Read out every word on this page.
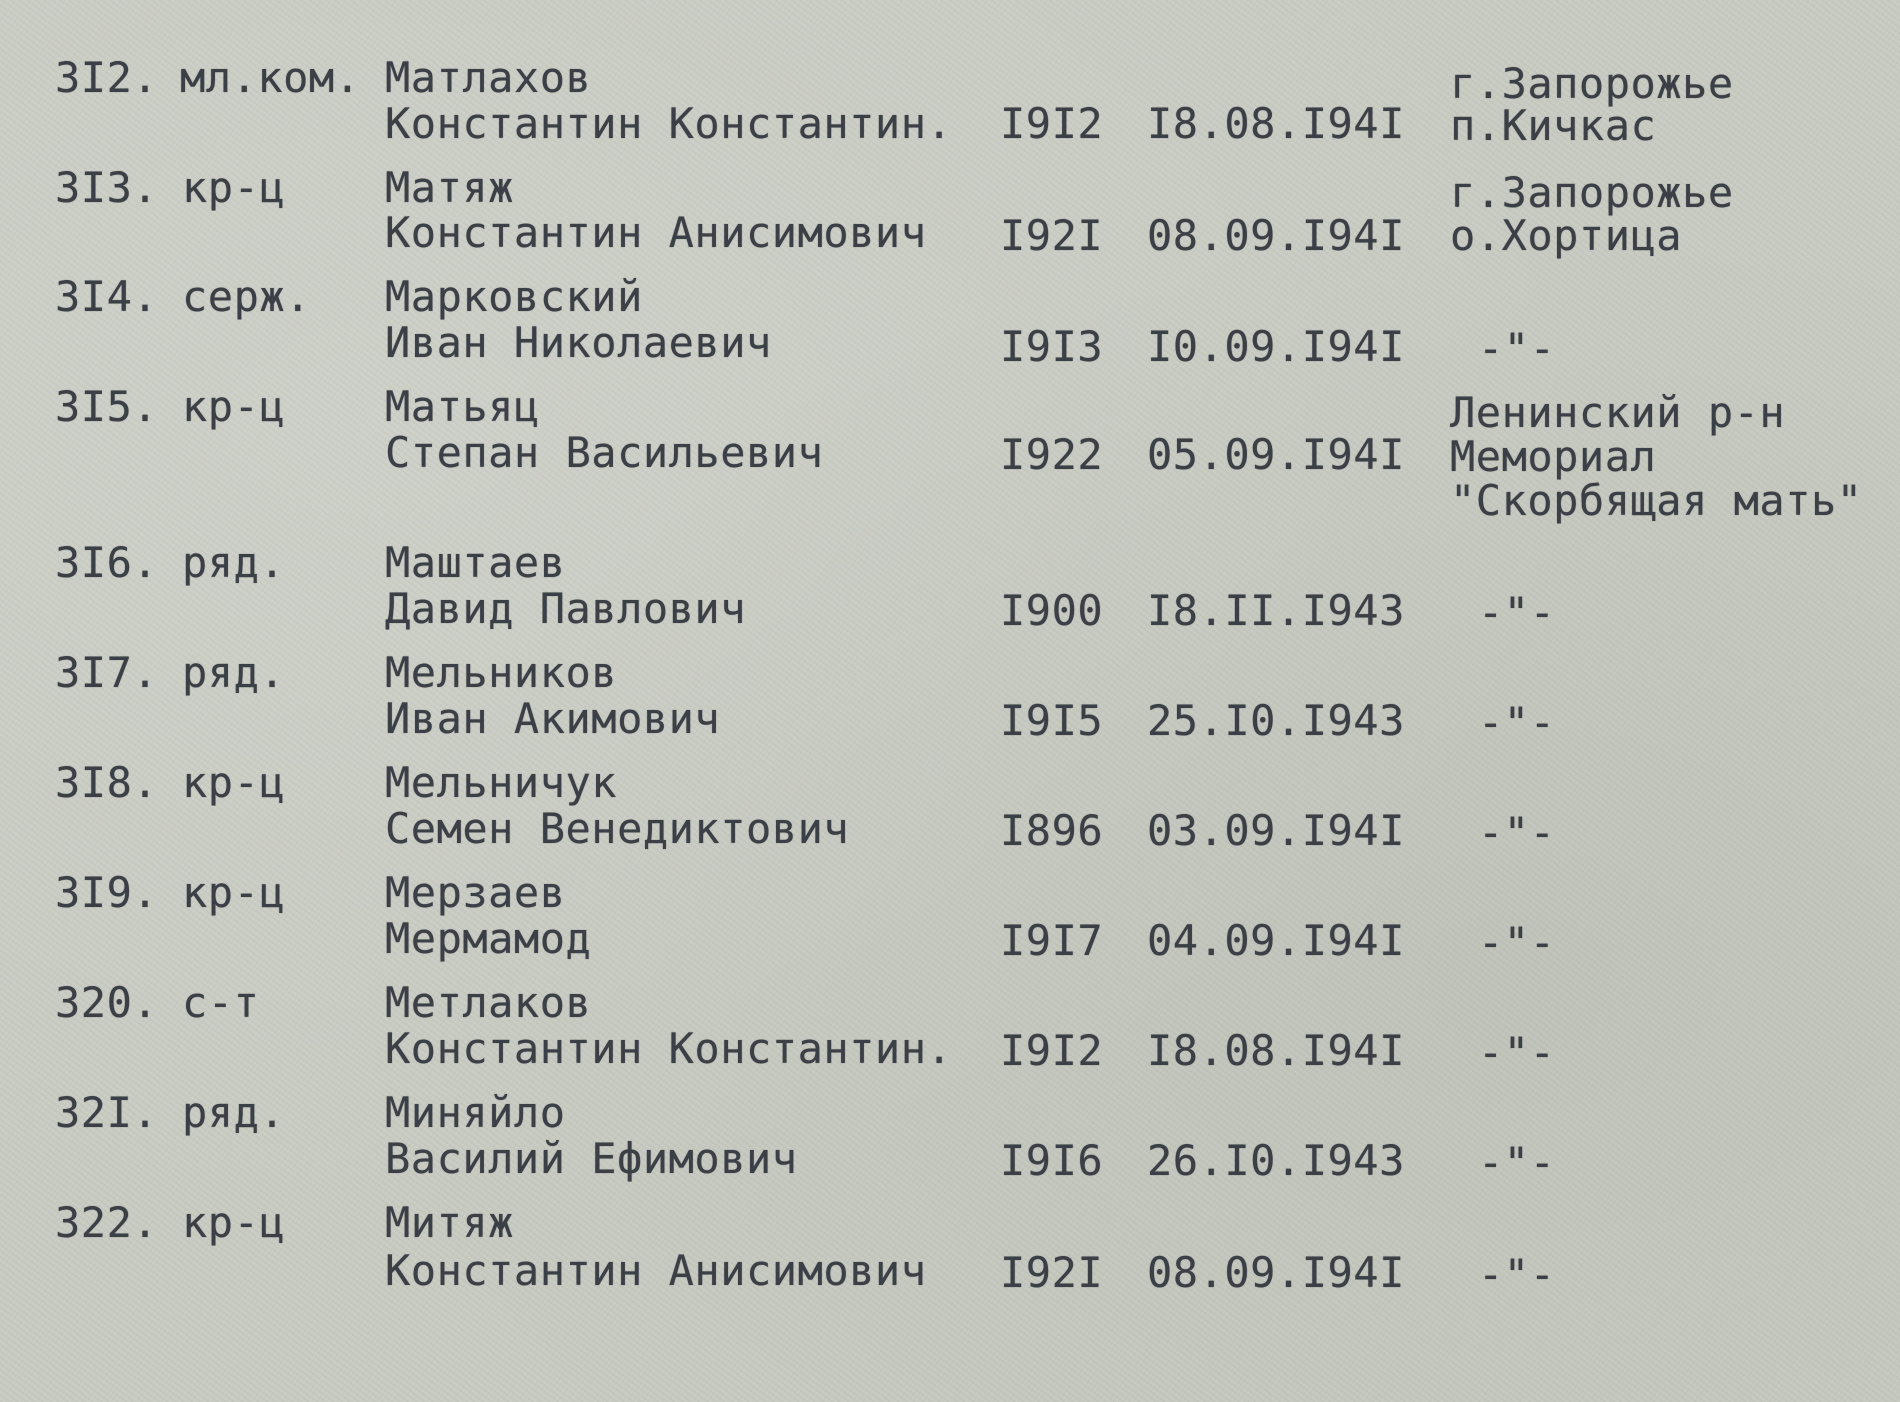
3I2. мл.ком. Матлахов
Константин Константин. I9I2 I8.08.I94I
г.Запорожье
п.Кичкас
3I3. кр-ц Матяж
Константин Анисимович I92I 08.09.I94I
г.Запорожье
о.Хортица
3I4. серж. Марковский
Иван Николаевич	I9I3 I0.09.I94I -"-
3I5. кр-ц Матьяц
Степан Васильевич	I922 05.09.I94I
Ленинский р-н
Мемориал
"Скорбящая мать"
3I6. ряд. Маштаев
Давид Павлович	I900 I8.II.I943 -"-
3I7. ряд. Мельников
Иван Акимович	I9I5 25.I0.I943 -"-
3I8. кр-ц Мельничук
Семен Венедиктович	I896 03.09.I94I -"-
3I9. кр-ц Мерзаев
Мермамод	I9I7 04.09.I94I -"-
320. с-т	Метлаков
Константин Константин. I9I2 I8.08.I94I -"-
32I. ряд. Миняйло
Василий Ефимович	I9I6 26.I0.I943 -"-
322. кр-ц Митяж
Константин Анисимович I92I 08.09.I94I -"-
